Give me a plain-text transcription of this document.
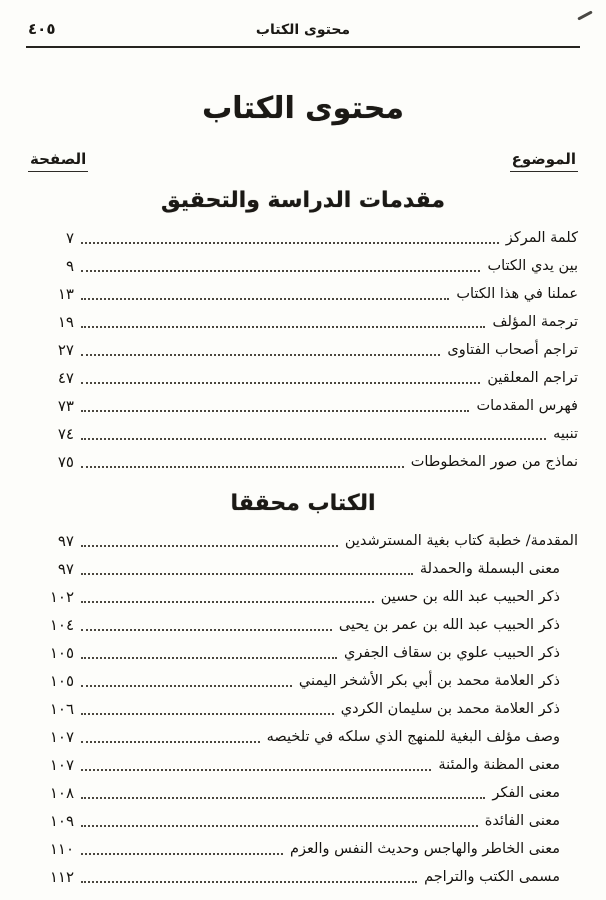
محتوى الكتاب
٤٠٥
محتوى الكتاب
الموضوع
الصفحة
مقدمات الدراسة والتحقيق
كلمة المركز
٧
بين يدي الكتاب
٩
عملنا في هذا الكتاب
١٣
ترجمة المؤلف
١٩
تراجم أصحاب الفتاوى
٢٧
تراجم المعلقين
٤٧
فهرس المقدمات
٧٣
تنبيه
٧٤
نماذج من صور المخطوطات
٧٥
الكتاب محققا
المقدمة/ خطبة كتاب بغية المسترشدين
٩٧
معنى البسملة والحمدلة
٩٧
ذكر الحبيب عبد الله بن حسين
١٠٢
ذكر الحبيب عبد الله بن عمر بن يحيى
١٠٤
ذكر الحبيب علوي بن سقاف الجفري
١٠٥
ذكر العلامة محمد بن أبي بكر الأشخر اليمني
١٠٥
ذكر العلامة محمد بن سليمان الكردي
١٠٦
وصف مؤلف البغية للمنهج الذي سلكه في تلخيصه
١٠٧
معنى المظنة والمئنة
١٠٧
معنى الفكر
١٠٨
معنى الفائدة
١٠٩
معنى الخاطر والهاجس وحديث النفس والعزم
١١٠
مسمى الكتب والتراجم
١١٢
